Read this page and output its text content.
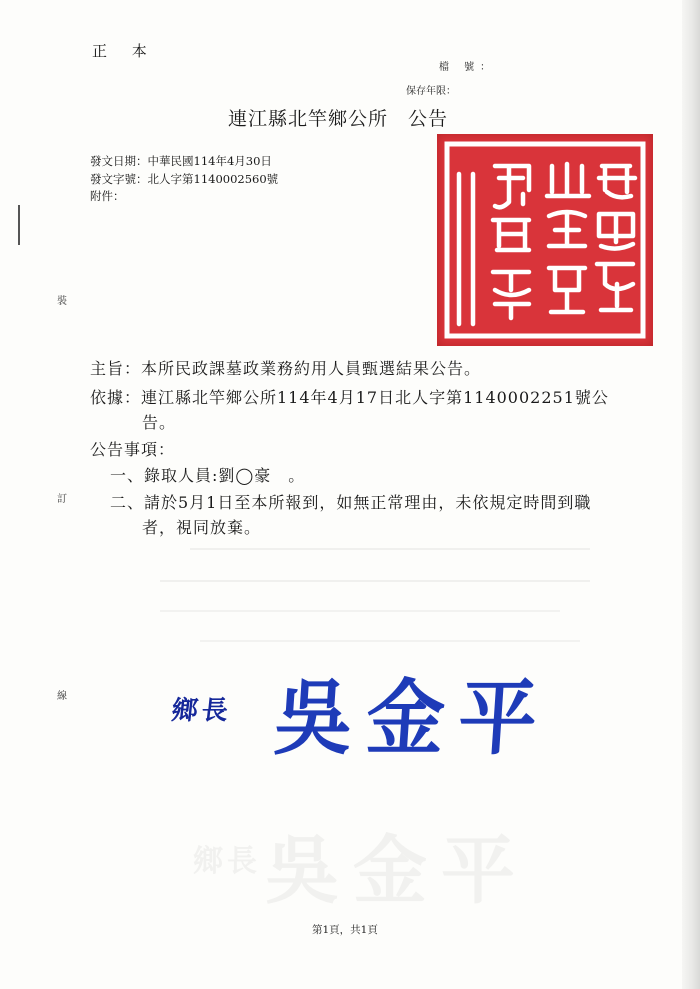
正 本
檔 號：
保存年限：
連江縣北竿鄉公所　公告
發文日期：中華民國114年4月30日
發文字號：北人字第1140002560號
附件：
裝
訂
線
主旨：本所民政課墓政業務約用人員甄選結果公告。
依據：連江縣北竿鄉公所114年4月17日北人字第1140002251號公
告。
公告事項：
一、錄取人員:劉◯豪　。
二、請於5月1日至本所報到，如無正常理由，未依規定時間到職
者，視同放棄。
鄉長 吳金平
鄉長 吳金平
第1頁，共1頁
